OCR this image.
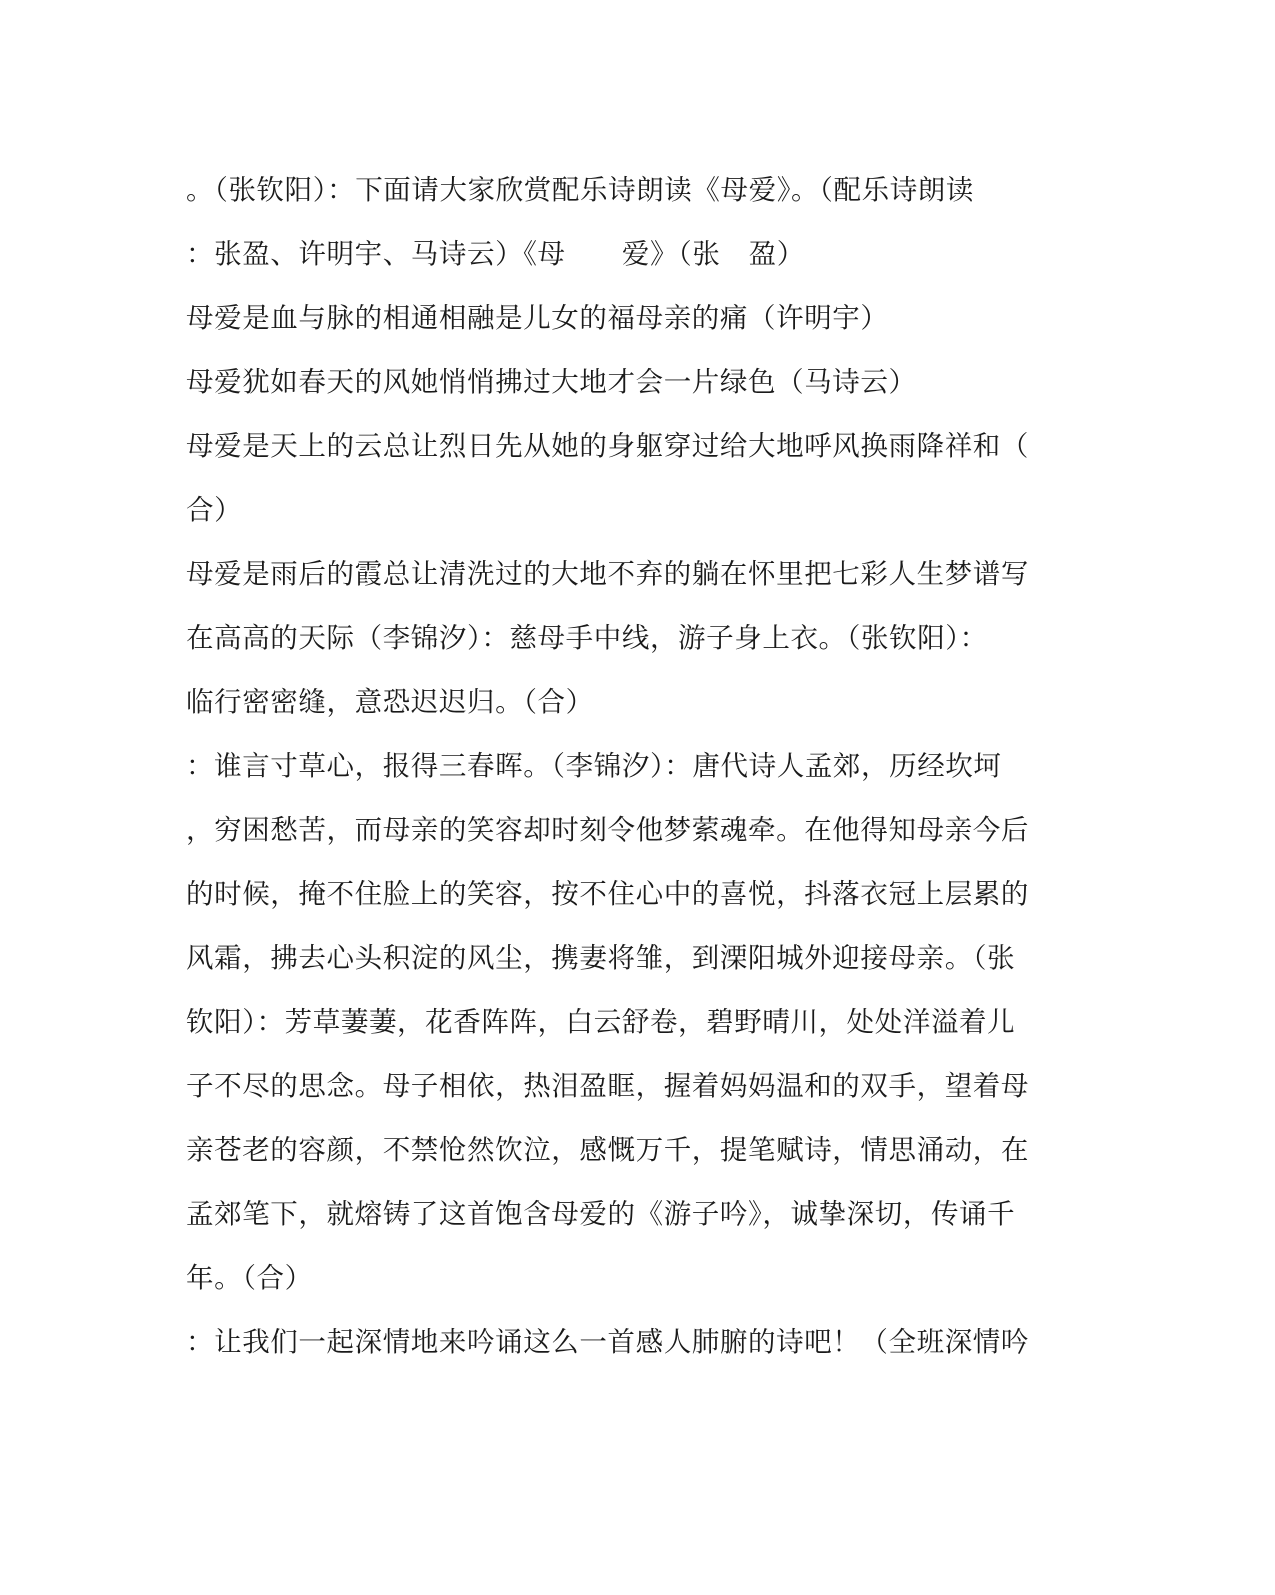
。（张钦阳）：下面请大家欣赏配乐诗朗读《母爱》。（配乐诗朗读
：张盈、许明宇、马诗云）《母　　爱》（张　盈）
母爱是血与脉的相通相融是儿女的福母亲的痛（许明宇）
母爱犹如春天的风她悄悄拂过大地才会一片绿色（马诗云）
母爱是天上的云总让烈日先从她的身躯穿过给大地呼风换雨降祥和（
合）
母爱是雨后的霞总让清洗过的大地不弃的躺在怀里把七彩人生梦谱写
在高高的天际（李锦汐）：慈母手中线，游子身上衣。（张钦阳）：
临行密密缝，意恐迟迟归。（合）
：谁言寸草心，报得三春晖。（李锦汐）：唐代诗人孟郊，历经坎坷
，穷困愁苦，而母亲的笑容却时刻令他梦萦魂牵。在他得知母亲今后
的时候，掩不住脸上的笑容，按不住心中的喜悦，抖落衣冠上层累的
风霜，拂去心头积淀的风尘，携妻将雏，到溧阳城外迎接母亲。（张
钦阳）：芳草萋萋，花香阵阵，白云舒卷，碧野晴川，处处洋溢着儿
子不尽的思念。母子相依，热泪盈眶，握着妈妈温和的双手，望着母
亲苍老的容颜，不禁怆然饮泣，感慨万千，提笔赋诗，情思涌动，在
孟郊笔下，就熔铸了这首饱含母爱的《游子吟》，诚挚深切，传诵千
年。（合）
：让我们一起深情地来吟诵这么一首感人肺腑的诗吧！（全班深情吟
